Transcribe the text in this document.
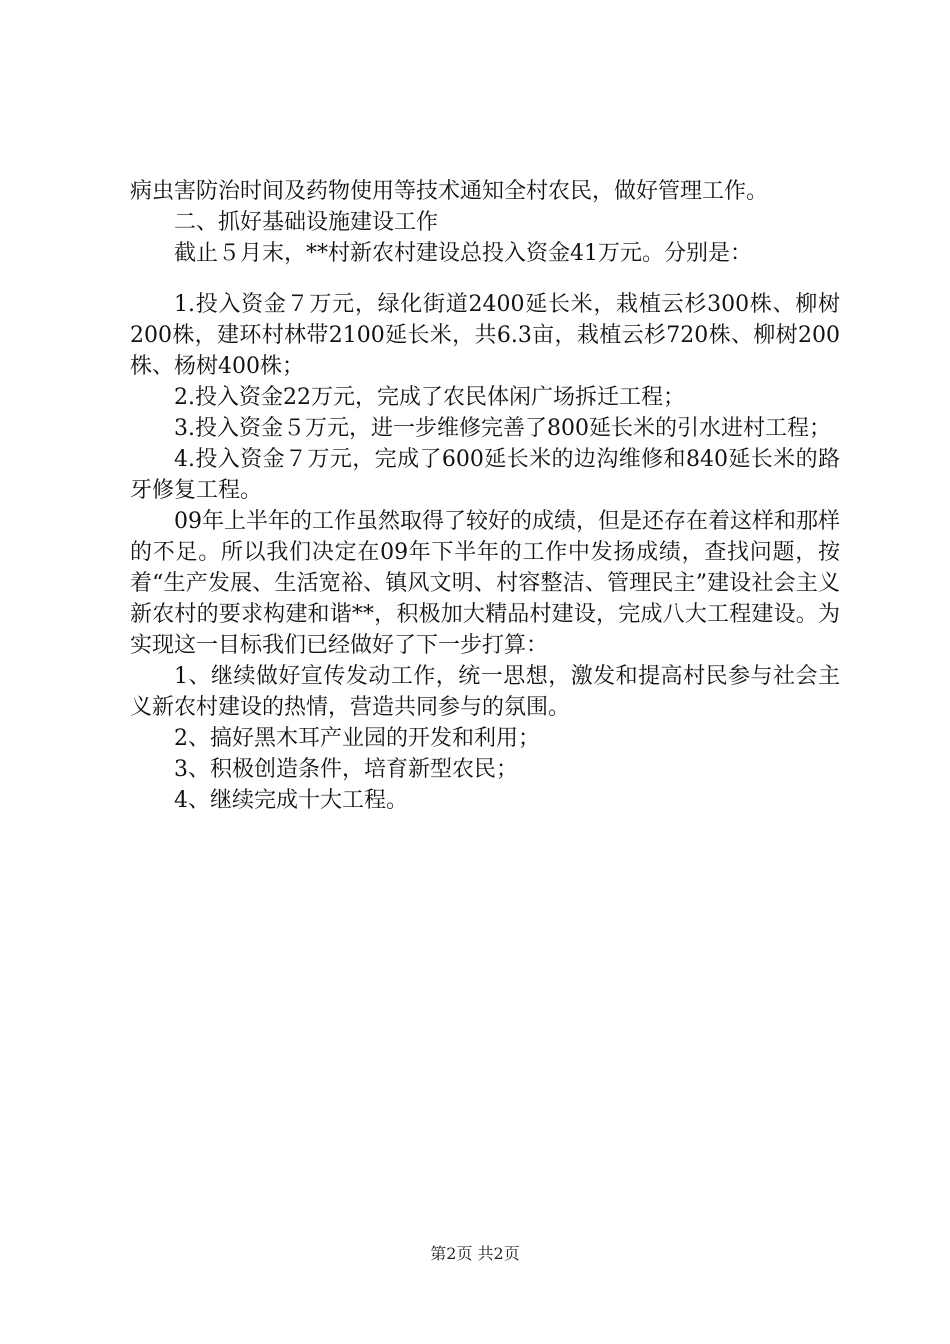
病虫害防治时间及药物使用等技术通知全村农民，做好管理工作。

二、抓好基础设施建设工作

截止５月末，**村新农村建设总投入资金41万元。分别是：

1.投入资金７万元，绿化街道2400延长米，栽植云杉300株、柳树200株，建环村林带2100延长米，共6.3亩，栽植云杉720株、柳树200株、杨树400株；

2.投入资金22万元，完成了农民体闲广场拆迁工程；

3.投入资金５万元，进一步维修完善了800延长米的引水进村工程；

4.投入资金７万元，完成了600延长米的边沟维修和840延长米的路牙修复工程。

09年上半年的工作虽然取得了较好的成绩，但是还存在着这样和那样的不足。所以我们决定在09年下半年的工作中发扬成绩，查找问题，按着“生产发展、生活宽裕、镇风文明、村容整洁、管理民主”建设社会主义新农村的要求构建和谐**，积极加大精品村建设，完成八大工程建设。为实现这一目标我们已经做好了下一步打算：

1、继续做好宣传发动工作，统一思想，激发和提高村民参与社会主义新农村建设的热情，营造共同参与的氛围。

2、搞好黑木耳产业园的开发和利用；

3、积极创造条件，培育新型农民；

4、继续完成十大工程。

第2页 共2页
